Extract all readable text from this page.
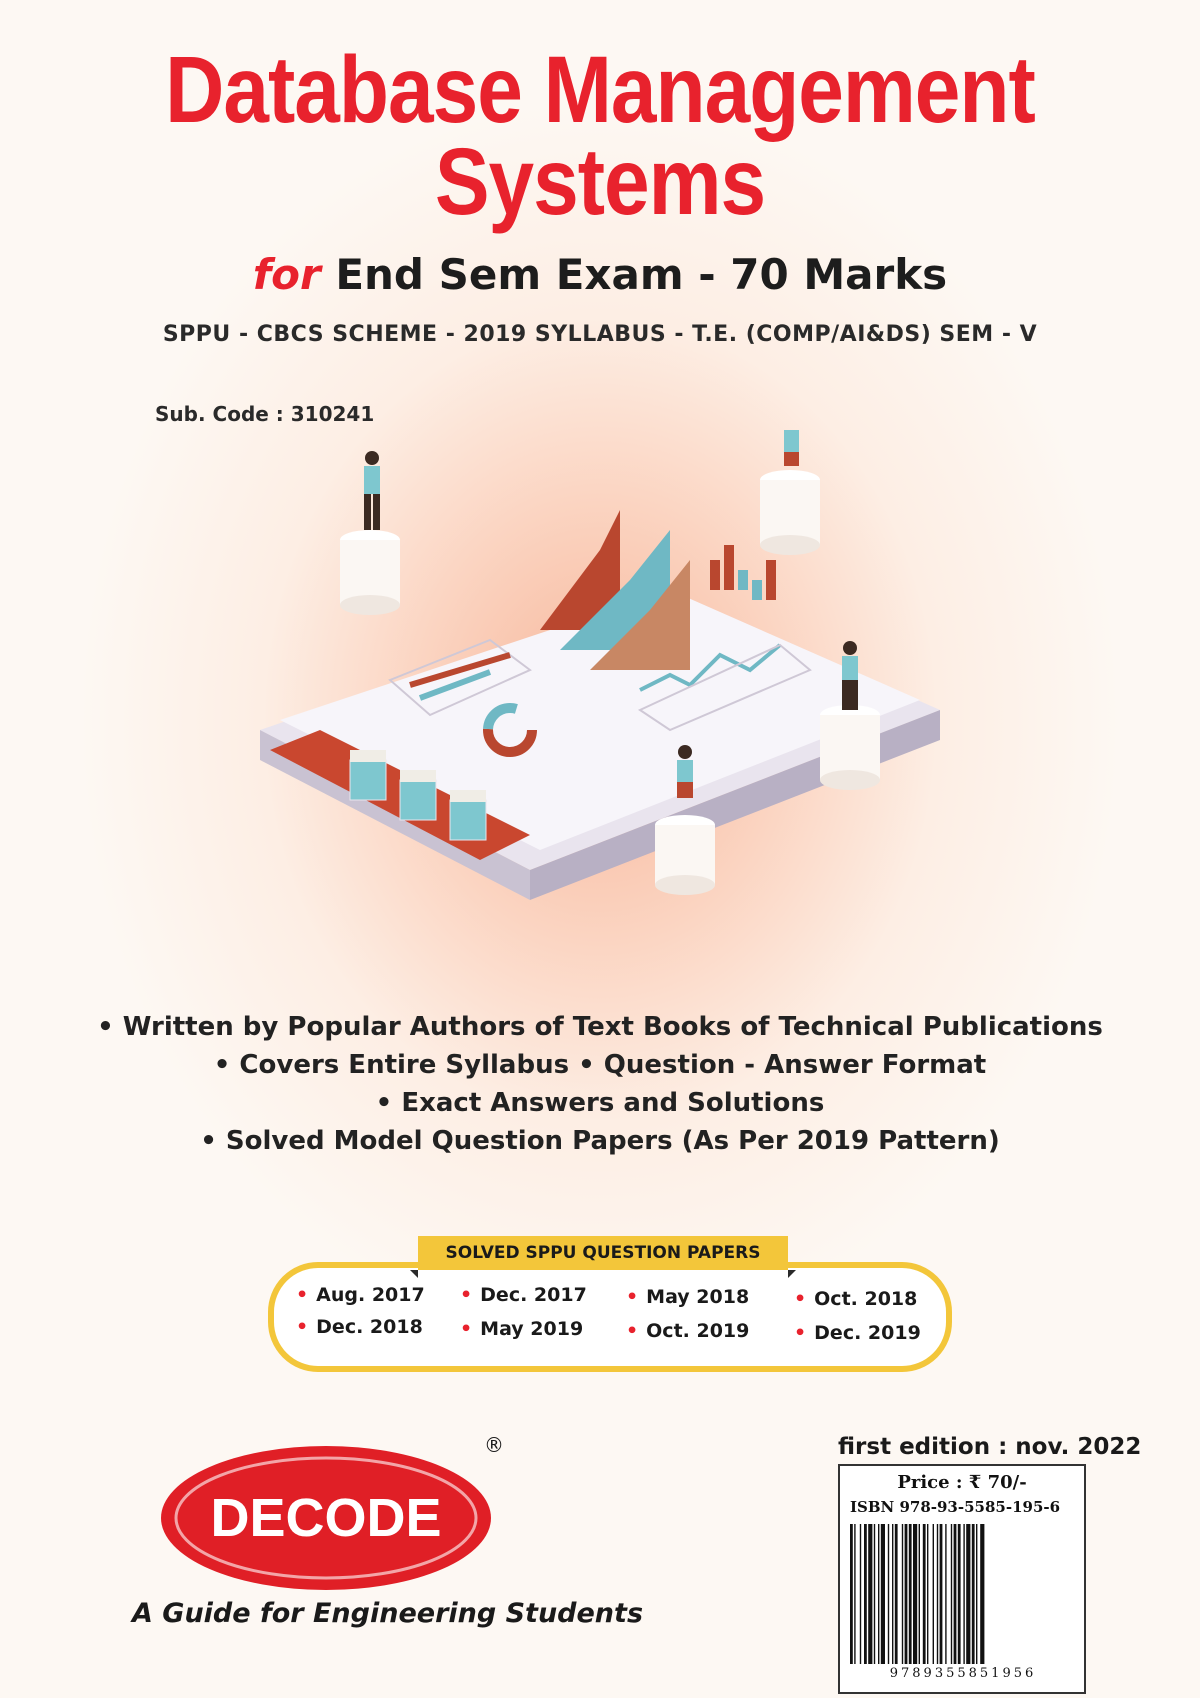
Database Management
Systems
for End Sem Exam - 70 Marks
SPPU - CBCS SCHEME - 2019 SYLLABUS - T.E. (COMP/AI&DS) SEM - V
Sub. Code : 310241
• Written by Popular Authors of Text Books of Technical Publications
• Covers Entire Syllabus • Question - Answer Format
• Exact Answers and Solutions
• Solved Model Question Papers (As Per 2019 Pattern)
SOLVED SPPU QUESTION PAPERS
• Aug. 2017 • Dec. 2017 • May 2018 • Oct. 2018
• Dec. 2018 • May 2019 • Oct. 2019 • Dec. 2019
first edition : nov. 2022
Price : ₹ 70/-
ISBN 978-93-5585-195-6
9789355851956
DECODE
®
A Guide for Engineering Students
